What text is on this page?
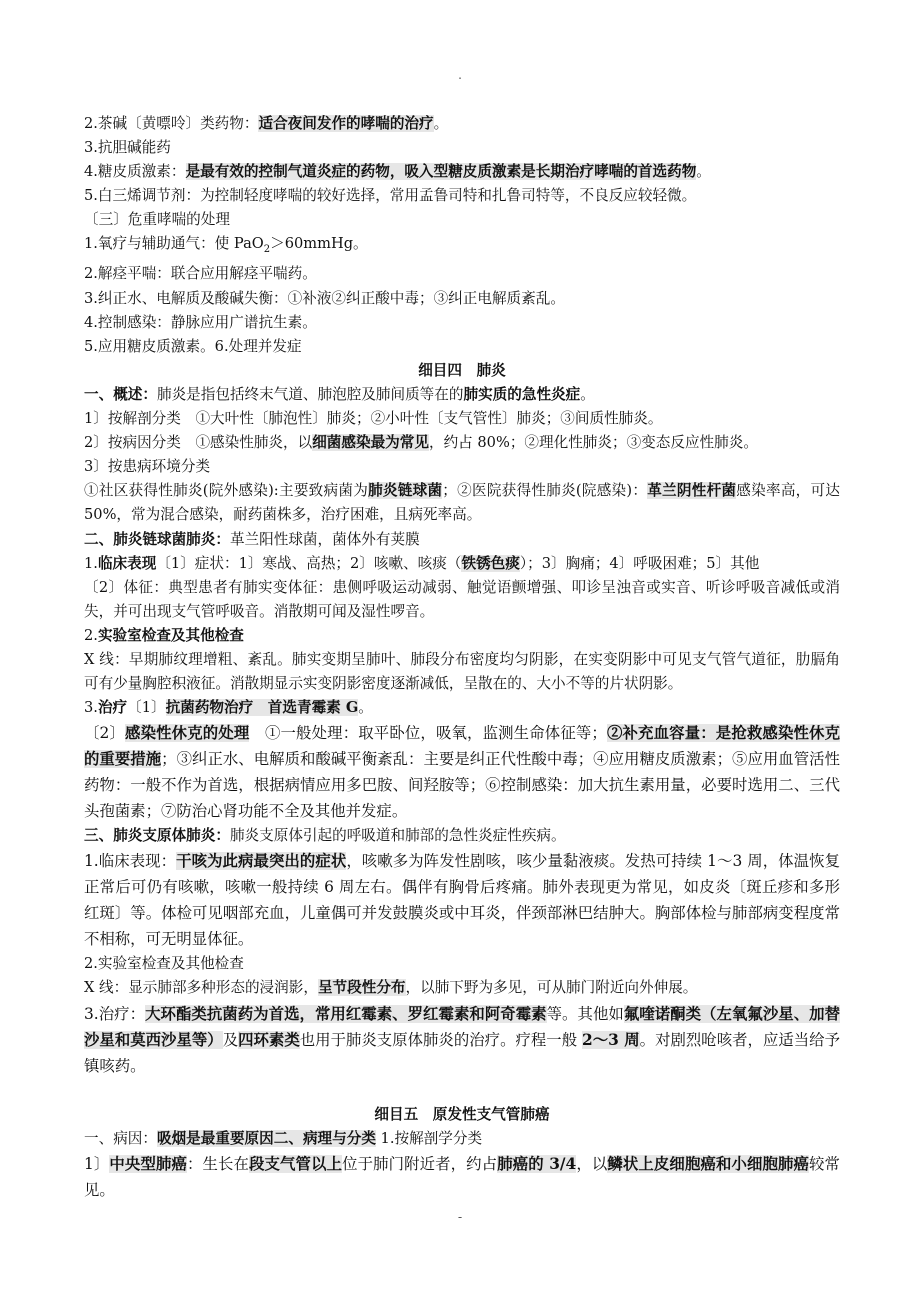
.
2.茶碱〔黄嘌呤〕类药物：适合夜间发作的哮喘的治疗。
3.抗胆碱能药
4.糖皮质激素：是最有效的控制气道炎症的药物，吸入型糖皮质激素是长期治疗哮喘的首选药物。
5.白三烯调节剂：为控制轻度哮喘的较好选择，常用孟鲁司特和扎鲁司特等，不良反应较轻微。
〔三〕危重哮喘的处理
1.氧疗与辅助通气：使 PaO$_2$＞60mmHg。
2.解痉平喘：联合应用解痉平喘药。
3.纠正水、电解质及酸碱失衡：①补液②纠正酸中毒；③纠正电解质紊乱。
4.控制感染：静脉应用广谱抗生素。
5.应用糖皮质激素。6.处理并发症
细目四　肺炎
一、概述：肺炎是指包括终末气道、肺泡腔及肺间质等在的肺实质的急性炎症。
1〕按解剖分类　①大叶性〔肺泡性〕肺炎；②小叶性〔支气管性〕肺炎；③间质性肺炎。
2〕按病因分类　①感染性肺炎，以细菌感染最为常见，约占 80%；②理化性肺炎；③变态反应性肺炎。
3〕按患病环境分类
①社区获得性肺炎(院外感染):主要致病菌为肺炎链球菌；②医院获得性肺炎(院感染)：革兰阴性杆菌感染率高，可达 50%，常为混合感染，耐药菌株多，治疗困难，且病死率高。
二、肺炎链球菌肺炎：革兰阳性球菌，菌体外有荚膜
1.临床表现〔1〕症状：1〕寒战、高热；2〕咳嗽、咳痰（铁锈色痰）；3〕胸痛；4〕呼吸困难；5〕其他
〔2〕体征：典型患者有肺实变体征：患侧呼吸运动减弱、触觉语颤增强、叩诊呈浊音或实音、听诊呼吸音减低或消失，并可出现支气管呼吸音。消散期可闻及湿性啰音。
2.实验室检查及其他检查
X 线：早期肺纹理增粗、紊乱。肺实变期呈肺叶、肺段分布密度均匀阴影，在实变阴影中可见支气管气道征，肋膈角可有少量胸腔积液征。消散期显示实变阴影密度逐渐减低，呈散在的、大小不等的片状阴影。
3.治疗〔1〕抗菌药物治疗　首选青霉素 G。
〔2〕感染性休克的处理　①一般处理：取平卧位，吸氧，监测生命体征等；②补充血容量：是抢救感染性休克的重要措施；③纠正水、电解质和酸碱平衡紊乱：主要是纠正代性酸中毒；④应用糖皮质激素；⑤应用血管活性药物：一般不作为首选，根据病情应用多巴胺、间羟胺等；⑥控制感染：加大抗生素用量，必要时选用二、三代头孢菌素；⑦防治心肾功能不全及其他并发症。
三、肺炎支原体肺炎：肺炎支原体引起的呼吸道和肺部的急性炎症性疾病。
1.临床表现：干咳为此病最突出的症状，咳嗽多为阵发性剧咳，咳少量黏液痰。发热可持续 1～3 周，体温恢复正常后可仍有咳嗽，咳嗽一般持续 6 周左右。偶伴有胸骨后疼痛。肺外表现更为常见，如皮炎〔斑丘疹和多形红斑〕等。体检可见咽部充血，儿童偶可并发鼓膜炎或中耳炎，伴颈部淋巴结肿大。胸部体检与肺部病变程度常不相称，可无明显体征。
2.实验室检查及其他检查
X 线：显示肺部多种形态的浸润影，呈节段性分布，以肺下野为多见，可从肺门附近向外伸展。
3.治疗：大环酯类抗菌药为首选，常用红霉素、罗红霉素和阿奇霉素等。其他如氟喹诺酮类（左氧氟沙星、加替沙星和莫西沙星等）及四环素类也用于肺炎支原体肺炎的治疗。疗程一般 2～3 周。对剧烈呛咳者，应适当给予镇咳药。
细目五　原发性支气管肺癌
一、病因：吸烟是最重要原因二、病理与分类 1.按解剖学分类
1〕中央型肺癌：生长在段支气管以上位于肺门附近者，约占肺癌的 3/4，以鳞状上皮细胞癌和小细胞肺癌较常见。
-
